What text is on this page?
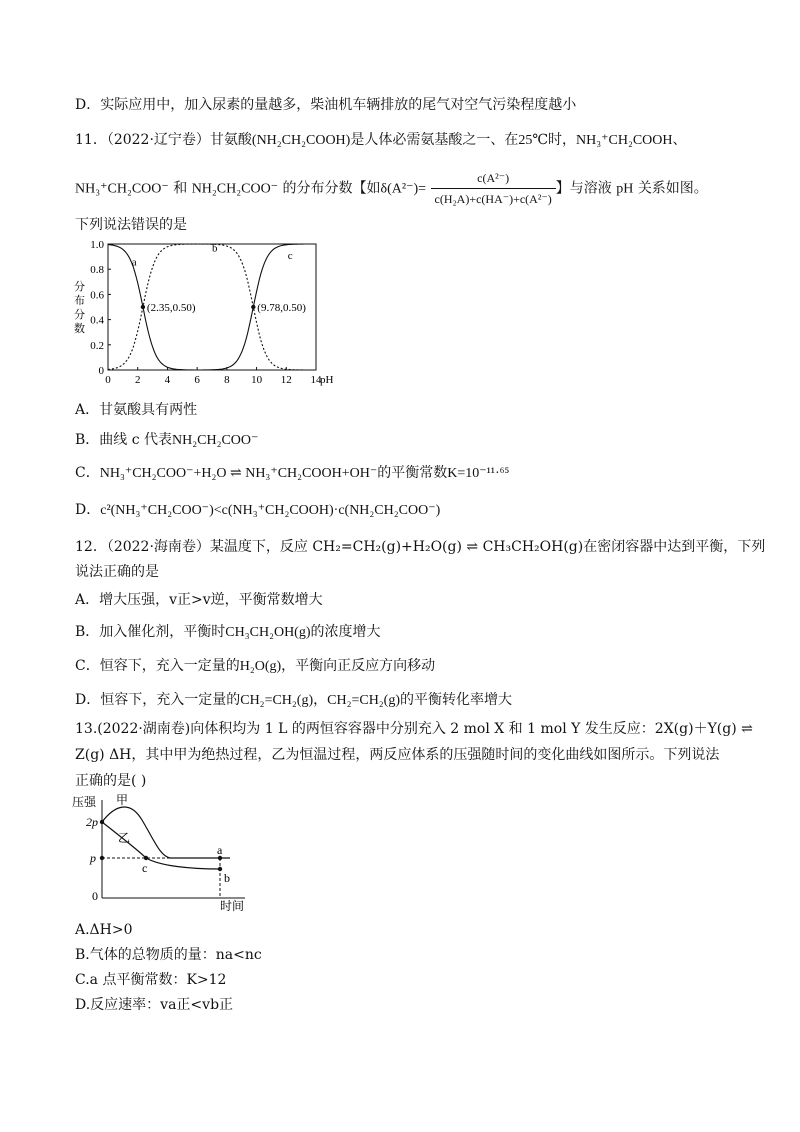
D．实际应用中，加入尿素的量越多，柴油机车辆排放的尾气对空气污染程度越小
11．（2022·辽宁卷）甘氨酸(NH₂CH₂COOH)是人体必需氨基酸之一、在25℃时，NH₃⁺CH₂COOH、
NH₃⁺CH₂COO⁻ 和 NH₂CH₂COO⁻ 的分布分数【如$\delta(A^{2-})= \frac{\text{c(A²⁻)}}{\text{c(H₂A)+c(HA⁻)+c(A²⁻)}}$ 】与溶液 pH 关系如图。
下列说法错误的是
分
布
分
数
0 2 4 6 8 10 12 14
pH
0
0.2
0.4
0.6
0.8
1.0
a
b
c
(2.35,0.50)	(9.78,0.50)
A．甘氨酸具有两性
B．曲线 c 代表NH₂CH₂COO⁻
C．NH₃⁺CH₂COO⁻+H₂O ⇌ NH₃⁺CH₂COOH+OH⁻的平衡常数K=10⁻¹¹·⁶⁵
D．c²(NH₃⁺CH₂COO⁻)<c(NH₃⁺CH₂COOH)·c(NH₂CH₂COO⁻)
12．（2022·海南卷）某温度下，反应 CH₂=CH₂(g)+H₂O(g) ⇌ CH₃CH₂OH(g)在密闭容器中达到平衡，下列
说法正确的是
A．增大压强，v正>v逆，平衡常数增大
B．加入催化剂，平衡时CH₃CH₂OH(g)的浓度增大
C．恒容下，充入一定量的H₂O(g)，平衡向正反应方向移动
D．恒容下，充入一定量的CH₂=CH₂(g)，CH₂=CH₂(g)的平衡转化率增大
13.(2022·湖南卷)向体积均为 1 L 的两恒容容器中分别充入 2 mol X 和 1 mol Y 发生反应：2X(g)＋Y(g) ⇌
Z(g) ΔH，其中甲为绝热过程，乙为恒温过程，两反应体系的压强随时间的变化曲线如图所示。下列说法
正确的是( )
压强 甲
乙
2p
p
0
时间
c
a
b
A.ΔH>0
B.气体的总物质的量：na<nc
C.a 点平衡常数：K>12
D.反应速率：va正<vb正
